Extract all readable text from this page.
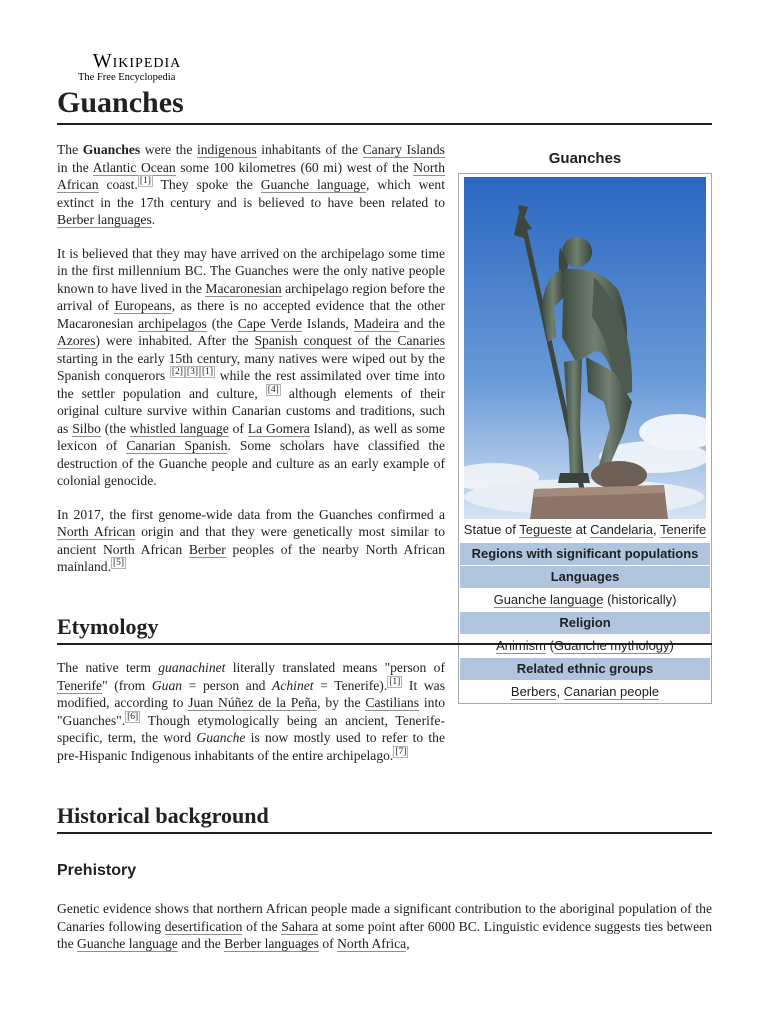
Wikipedia
The Free Encyclopedia
Guanches

The Guanches were the indigenous inhabitants of the Canary Islands in the Atlantic Ocean some 100 kilometres (60 mi) west of the North African coast. [1] They spoke the Guanche language, which went extinct in the 17th century and is believed to have been related to Berber languages.

It is believed that they may have arrived on the archipelago some time in the first millennium BC. The Guanches were the only native people known to have lived in the Macaronesian archipelago region before the arrival of Europeans, as there is no accepted evidence that the other Macaronesian archipelagos (the Cape Verde Islands, Madeira and the Azores) were inhabited. After the Spanish conquest of the Canaries starting in the early 15th century, many natives were wiped out by the Spanish conquerors [2] [3] [1] while the rest assimilated over time into the settler population and culture, [4] although elements of their original culture survive within Canarian customs and traditions, such as Silbo (the whistled language of La Gomera Island), as well as some lexicon of Canarian Spanish. Some scholars have classified the destruction of the Guanche people and culture as an early example of colonial genocide.

In 2017, the first genome-wide data from the Guanches confirmed a North African origin and that they were genetically most similar to ancient North African Berber peoples of the nearby North African mainland. [5]

Guanches
Statue of Tegueste at Candelaria, Tenerife
Regions with significant populations
Languages
Guanche language (historically)
Religion
Animism (Guanche mythology)
Related ethnic groups
Berbers, Canarian people
Etymology

The native term guanachinet literally translated means "person of Tenerife" (from Guan = person and Achinet = Tenerife). [1] It was modified, according to Juan Núñez de la Peña, by the Castilians into "Guanches". [6] Though etymologically being an ancient, Tenerife-specific, term, the word Guanche is now mostly used to refer to the pre-Hispanic Indigenous inhabitants of the entire archipelago. [7]

Historical background
Prehistory

Genetic evidence shows that northern African people made a significant contribution to the aboriginal population of the Canaries following desertification of the Sahara at some point after 6000 BC. Linguistic evidence suggests ties between the Guanche language and the Berber languages of North Africa,
